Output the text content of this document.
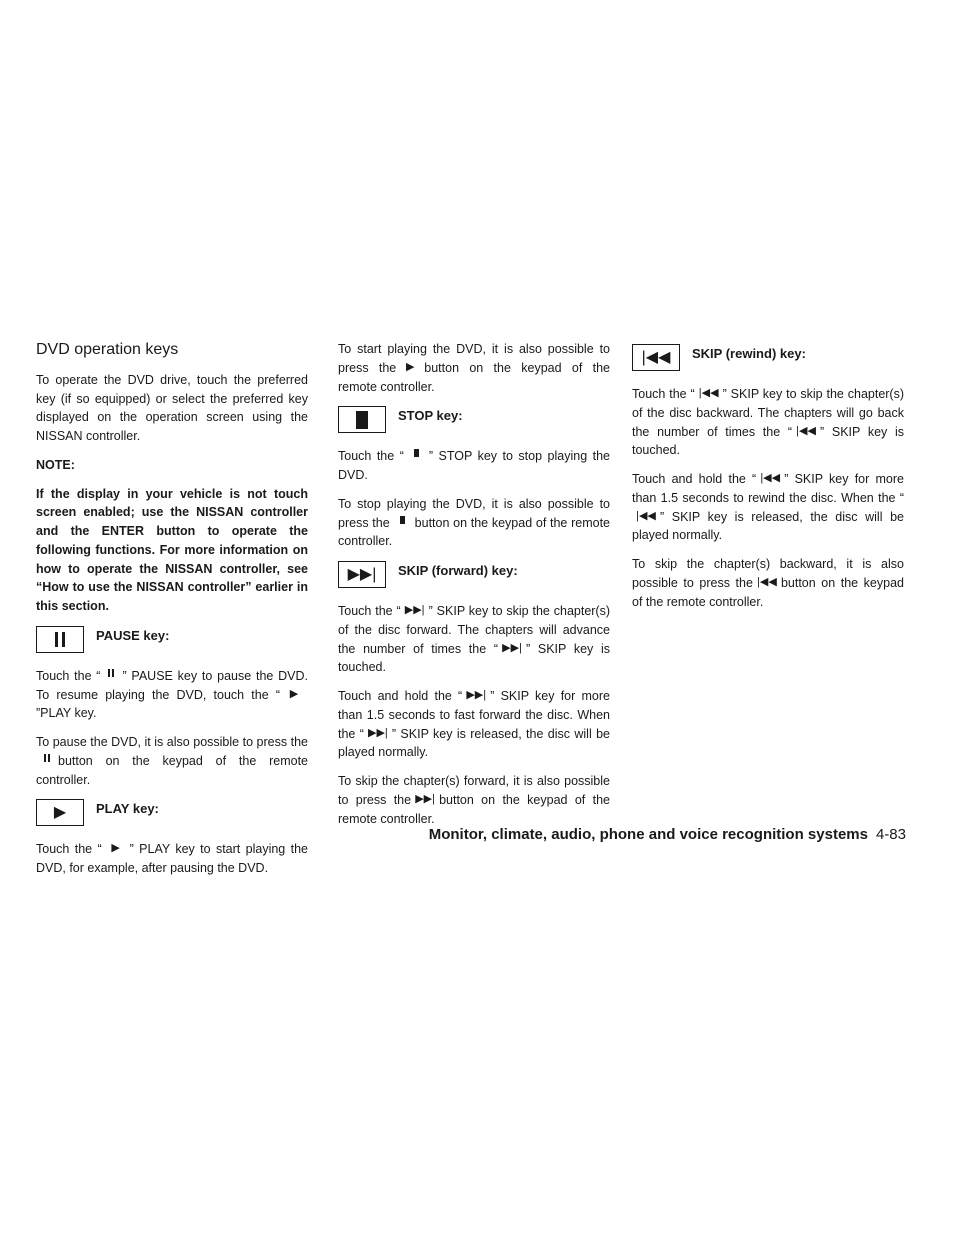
DVD operation keys

To operate the DVD drive, touch the preferred key (if so equipped) or select the preferred key displayed on the operation screen using the NISSAN controller.

NOTE:

If the display in your vehicle is not touch screen enabled; use the NISSAN controller and the ENTER button to operate the following functions. For more information on how to operate the NISSAN controller, see “How to use the NISSAN controller” earlier in this section.

PAUSE key:

Touch the “ ” PAUSE key to pause the DVD. To resume playing the DVD, touch the “ ▶”PLAY key.

To pause the DVD, it is also possible to press the
button on the keypad of the remote controller.

▶ PLAY key:

Touch the “ ▶ ” PLAY key to start playing the DVD, for example, after pausing the DVD.

To start playing the DVD, it is also possible to press the ▶ button on the keypad of the remote controller.

STOP key:

Touch the “ ” STOP key to stop playing the DVD.

To stop playing the DVD, it is also possible to press the button on the keypad of the remote controller.

▶▶| SKIP (forward) key:

Touch the “ ▶▶| ” SKIP key to skip the chapter(s) of the disc forward. The chapters will advance the number of times the “ ▶▶| ” SKIP key is touched.

Touch and hold the “ ▶▶| ” SKIP key for more than 1.5 seconds to fast forward the disc. When the “ ▶▶| ” SKIP key is released, the disc will be played normally.

To skip the chapter(s) forward, it is also possible to press the ▶▶| button on the keypad of the remote controller.

|◀◀ SKIP (rewind) key:

Touch the “ |◀◀ ” SKIP key to skip the chapter(s) of the disc backward. The chapters will go back the number of times the “ |◀◀ ” SKIP key is touched.

Touch and hold the “ |◀◀ ” SKIP key for more than 1.5 seconds to rewind the disc. When the “|◀◀ ” SKIP key is released, the disc will be played normally.

To skip the chapter(s) backward, it is also possible to press the |◀◀ button on the keypad of the remote controller.

Monitor, climate, audio, phone and voice recognition systems 4-83
